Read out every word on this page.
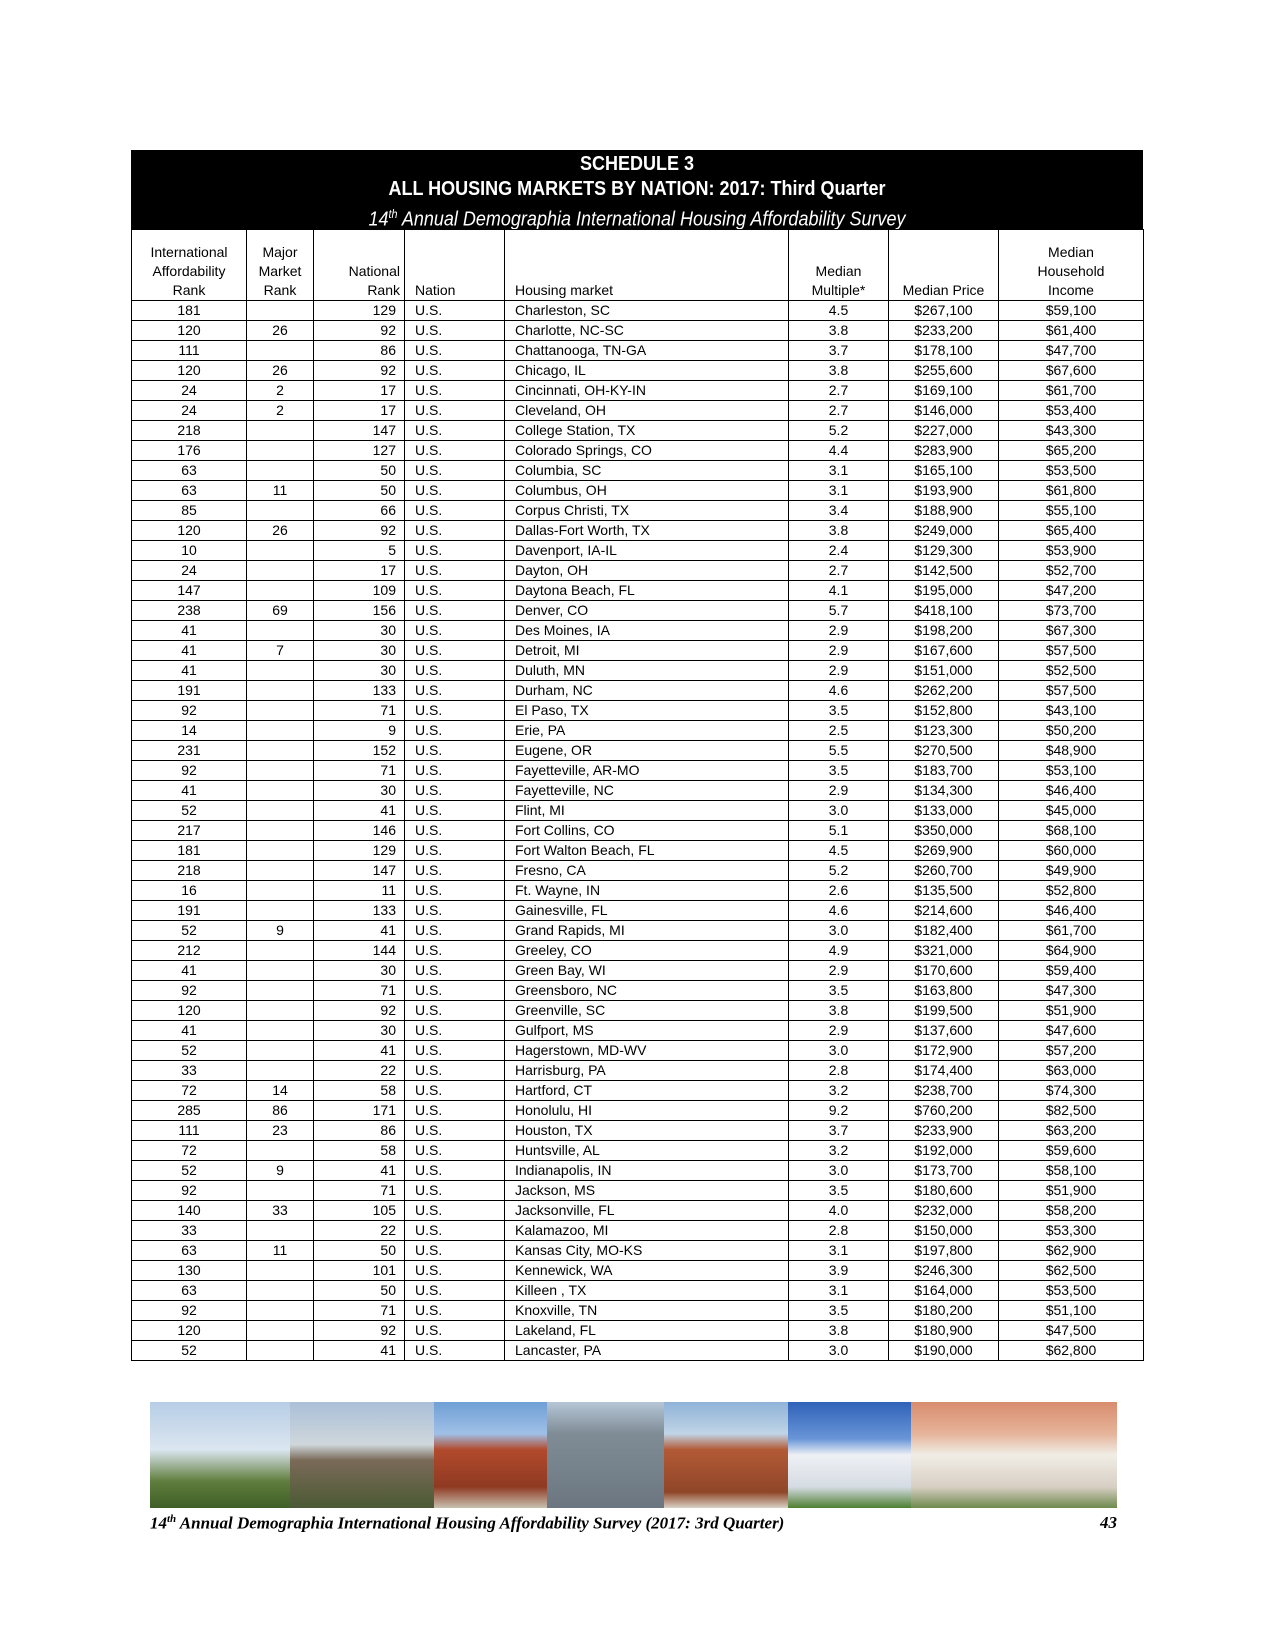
SCHEDULE 3
ALL HOUSING MARKETS BY NATION: 2017: Third Quarter
14th Annual Demographia International Housing Affordability Survey
International Affordability Rank	Major Market Rank	National Rank	Nation	Housing market	Median Multiple*	Median Price	Median Household Income

181		129	U.S.	Charleston, SC	4.5	$267,100	$59,100
120	26	92	U.S.	Charlotte, NC-SC	3.8	$233,200	$61,400
111		86	U.S.	Chattanooga, TN-GA	3.7	$178,100	$47,700
120	26	92	U.S.	Chicago, IL	3.8	$255,600	$67,600
24	2	17	U.S.	Cincinnati, OH-KY-IN	2.7	$169,100	$61,700
24	2	17	U.S.	Cleveland, OH	2.7	$146,000	$53,400
218		147	U.S.	College Station, TX	5.2	$227,000	$43,300
176		127	U.S.	Colorado Springs, CO	4.4	$283,900	$65,200
63		50	U.S.	Columbia, SC	3.1	$165,100	$53,500
63	11	50	U.S.	Columbus, OH	3.1	$193,900	$61,800
85		66	U.S.	Corpus Christi, TX	3.4	$188,900	$55,100
120	26	92	U.S.	Dallas-Fort Worth, TX	3.8	$249,000	$65,400
10		5	U.S.	Davenport, IA-IL	2.4	$129,300	$53,900
24		17	U.S.	Dayton, OH	2.7	$142,500	$52,700
147		109	U.S.	Daytona Beach, FL	4.1	$195,000	$47,200
238	69	156	U.S.	Denver, CO	5.7	$418,100	$73,700
41		30	U.S.	Des Moines, IA	2.9	$198,200	$67,300
41	7	30	U.S.	Detroit, MI	2.9	$167,600	$57,500
41		30	U.S.	Duluth, MN	2.9	$151,000	$52,500
191		133	U.S.	Durham, NC	4.6	$262,200	$57,500
92		71	U.S.	El Paso, TX	3.5	$152,800	$43,100
14		9	U.S.	Erie, PA	2.5	$123,300	$50,200
231		152	U.S.	Eugene, OR	5.5	$270,500	$48,900
92		71	U.S.	Fayetteville, AR-MO	3.5	$183,700	$53,100
41		30	U.S.	Fayetteville, NC	2.9	$134,300	$46,400
52		41	U.S.	Flint, MI	3.0	$133,000	$45,000
217		146	U.S.	Fort Collins, CO	5.1	$350,000	$68,100
181		129	U.S.	Fort Walton Beach, FL	4.5	$269,900	$60,000
218		147	U.S.	Fresno, CA	5.2	$260,700	$49,900
16		11	U.S.	Ft. Wayne, IN	2.6	$135,500	$52,800
191		133	U.S.	Gainesville, FL	4.6	$214,600	$46,400
52	9	41	U.S.	Grand Rapids, MI	3.0	$182,400	$61,700
212		144	U.S.	Greeley, CO	4.9	$321,000	$64,900
41		30	U.S.	Green Bay, WI	2.9	$170,600	$59,400
92		71	U.S.	Greensboro, NC	3.5	$163,800	$47,300
120		92	U.S.	Greenville, SC	3.8	$199,500	$51,900
41		30	U.S.	Gulfport, MS	2.9	$137,600	$47,600
52		41	U.S.	Hagerstown, MD-WV	3.0	$172,900	$57,200
33		22	U.S.	Harrisburg, PA	2.8	$174,400	$63,000
72	14	58	U.S.	Hartford, CT	3.2	$238,700	$74,300
285	86	171	U.S.	Honolulu, HI	9.2	$760,200	$82,500
111	23	86	U.S.	Houston, TX	3.7	$233,900	$63,200
72		58	U.S.	Huntsville, AL	3.2	$192,000	$59,600
52	9	41	U.S.	Indianapolis, IN	3.0	$173,700	$58,100
92		71	U.S.	Jackson, MS	3.5	$180,600	$51,900
140	33	105	U.S.	Jacksonville, FL	4.0	$232,000	$58,200
33		22	U.S.	Kalamazoo, MI	2.8	$150,000	$53,300
63	11	50	U.S.	Kansas City, MO-KS	3.1	$197,800	$62,900
130		101	U.S.	Kennewick, WA	3.9	$246,300	$62,500
63		50	U.S.	Killeen , TX	3.1	$164,000	$53,500
92		71	U.S.	Knoxville, TN	3.5	$180,200	$51,100
120		92	U.S.	Lakeland, FL	3.8	$180,900	$47,500
52		41	U.S.	Lancaster, PA	3.0	$190,000	$62,800
14th Annual Demographia International Housing Affordability Survey (2017: 3rd Quarter)	43
